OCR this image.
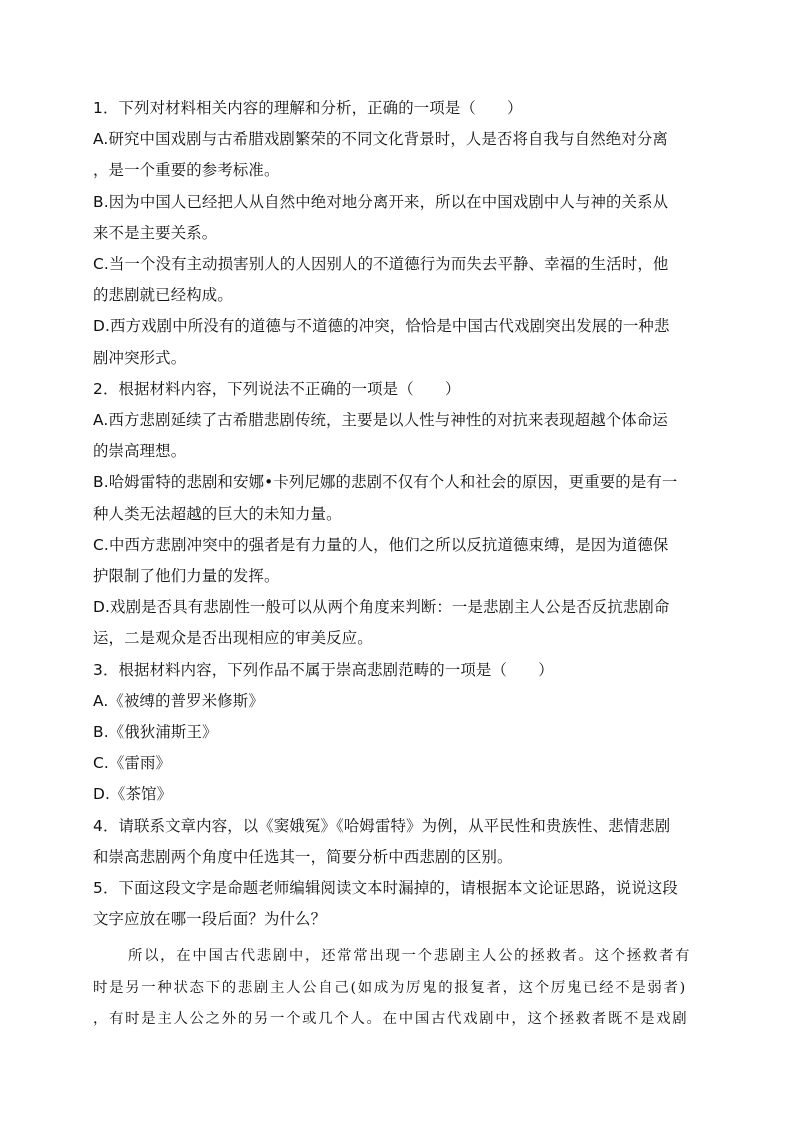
1．下列对材料相关内容的理解和分析，正确的一项是（　　）

A.研究中国戏剧与古希腊戏剧繁荣的不同文化背景时，人是否将自我与自然绝对分离

，是一个重要的参考标准。

B.因为中国人已经把人从自然中绝对地分离开来，所以在中国戏剧中人与神的关系从

来不是主要关系。

C.当一个没有主动损害别人的人因别人的不道德行为而失去平静、幸福的生活时，他

的悲剧就已经构成。

D.西方戏剧中所没有的道德与不道德的冲突，恰恰是中国古代戏剧突出发展的一种悲

剧冲突形式。

2．根据材料内容，下列说法不正确的一项是（　　）

A.西方悲剧延续了古希腊悲剧传统，主要是以人性与神性的对抗来表现超越个体命运

的崇高理想。

B.哈姆雷特的悲剧和安娜•卡列尼娜的悲剧不仅有个人和社会的原因，更重要的是有一

种人类无法超越的巨大的未知力量。

C.中西方悲剧冲突中的强者是有力量的人，他们之所以反抗道德束缚，是因为道德保

护限制了他们力量的发挥。

D.戏剧是否具有悲剧性一般可以从两个角度来判断：一是悲剧主人公是否反抗悲剧命

运，二是观众是否出现相应的审美反应。

3．根据材料内容，下列作品不属于崇高悲剧范畴的一项是（　　）

A.《被缚的普罗米修斯》

B.《俄狄浦斯王》

C.《雷雨》

D.《茶馆》

4．请联系文章内容，以《窦娥冤》《哈姆雷特》为例，从平民性和贵族性、悲情悲剧

和崇高悲剧两个角度中任选其一，简要分析中西悲剧的区别。

5．下面这段文字是命题老师编辑阅读文本时漏掉的，请根据本文论证思路，说说这段

文字应放在哪一段后面？为什么？

所以，在中国古代悲剧中，还常常出现一个悲剧主人公的拯救者。这个拯救者有

时是另一种状态下的悲剧主人公自己(如成为厉鬼的报复者，这个厉鬼已经不是弱者)

，有时是主人公之外的另一个或几个人。在中国古代戏剧中，这个拯救者既不是戏剧
